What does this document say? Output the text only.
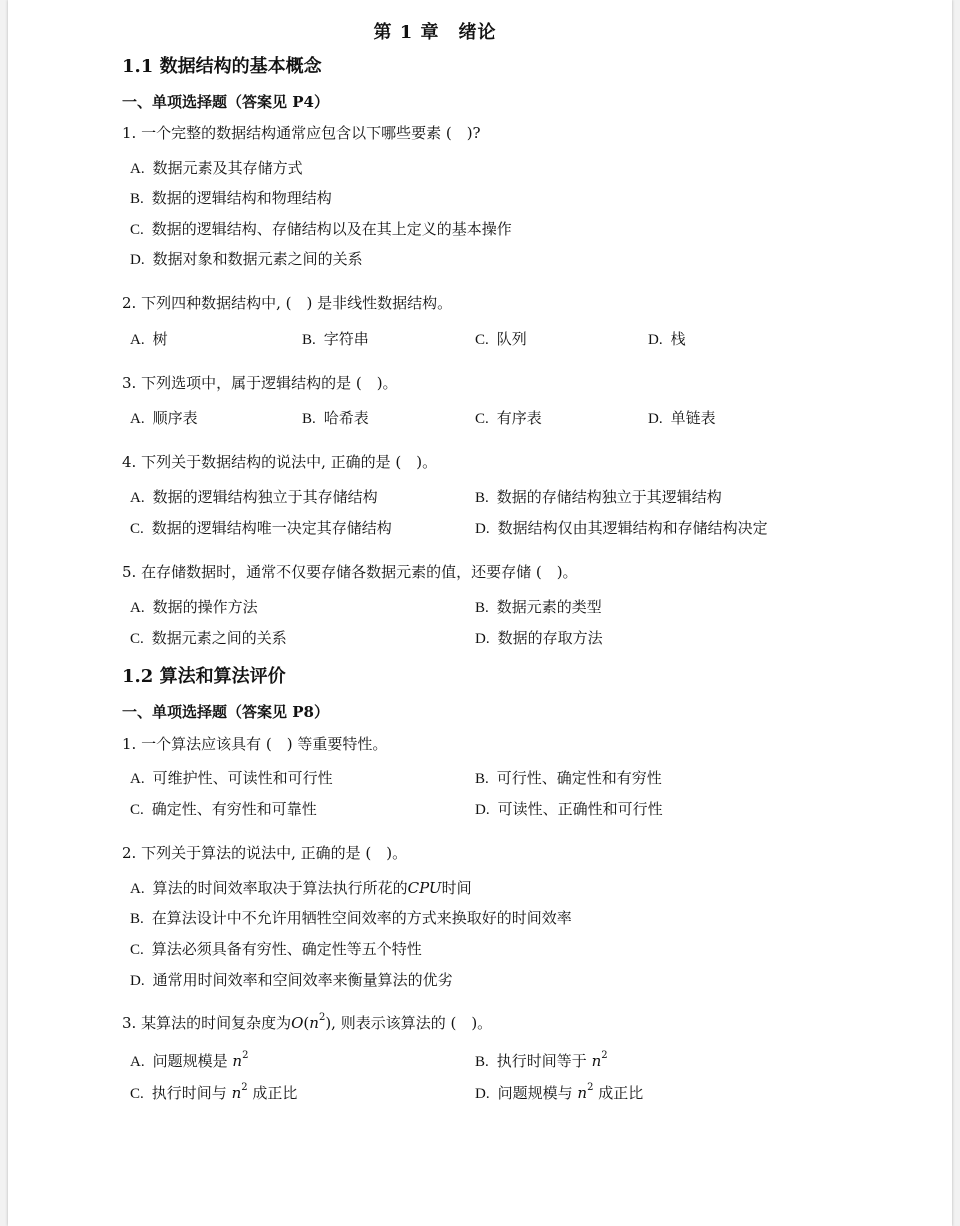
第 1 章　绪论
1.1 数据结构的基本概念
一、单项选择题（答案见 P4）
1. 一个完整的数据结构通常应包含以下哪些要素 (　)?
A. 数据元素及其存储方式
B. 数据的逻辑结构和物理结构
C. 数据的逻辑结构、存储结构以及在其上定义的基本操作
D. 数据对象和数据元素之间的关系
2. 下列四种数据结构中, (　) 是非线性数据结构。
A. 树	B. 字符串	C. 队列	D. 栈
3. 下列选项中，属于逻辑结构的是 (　)。
A. 顺序表	B. 哈希表	C. 有序表	D. 单链表
4. 下列关于数据结构的说法中, 正确的是 (　)。
A. 数据的逻辑结构独立于其存储结构	B. 数据的存储结构独立于其逻辑结构
C. 数据的逻辑结构唯一决定其存储结构	D. 数据结构仅由其逻辑结构和存储结构决定
5. 在存储数据时，通常不仅要存储各数据元素的值，还要存储 (　)。
A. 数据的操作方法	B. 数据元素的类型
C. 数据元素之间的关系	D. 数据的存取方法
1.2 算法和算法评价
一、单项选择题（答案见 P8）
1. 一个算法应该具有 (　) 等重要特性。
A. 可维护性、可读性和可行性	B. 可行性、确定性和有穷性
C. 确定性、有穷性和可靠性	D. 可读性、正确性和可行性
2. 下列关于算法的说法中, 正确的是 (　)。
A. 算法的时间效率取决于算法执行所花的CPU时间
B. 在算法设计中不允许用牺牲空间效率的方式来换取好的时间效率
C. 算法必须具备有穷性、确定性等五个特性
D. 通常用时间效率和空间效率来衡量算法的优劣
3. 某算法的时间复杂度为$O(n^2)$, 则表示该算法的 (　)。
A. 问题规模是 $n^2$	B. 执行时间等于 $n^2$
C. 执行时间与 $n^2$ 成正比	D. 问题规模与 $n^2$ 成正比
